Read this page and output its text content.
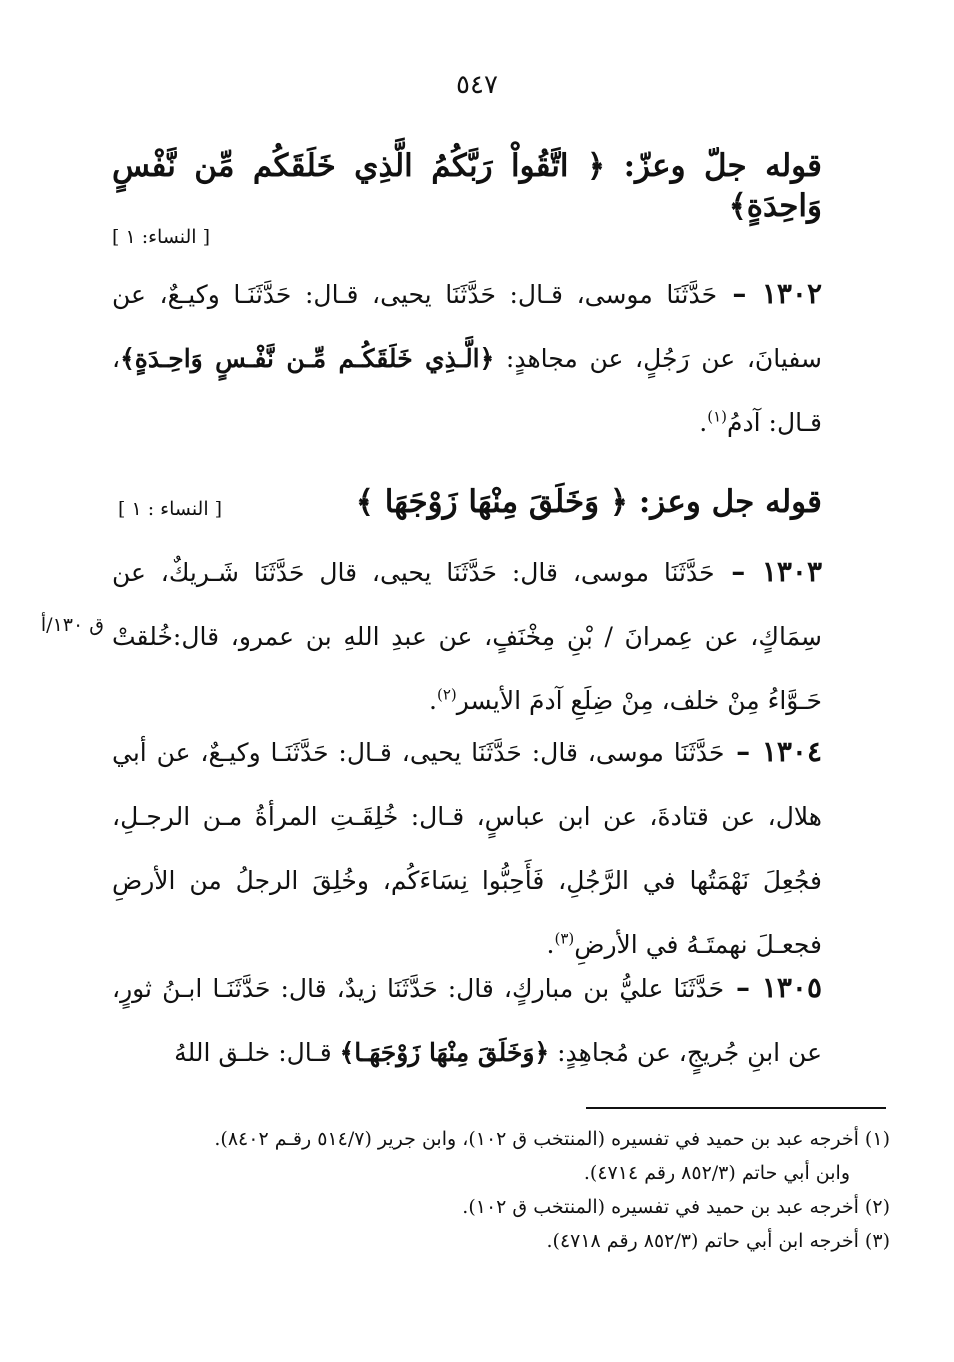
٥٤٧
قوله جلّ وعزّ: ﴿ اتَّقُواْ رَبَّكُمُ الَّذِي خَلَقَكُم مِّن نَّفْسٍ وَاحِدَةٍ﴾
[ النساء: ١ ]
١٣٠٢ – حَدَّثَنَا موسى، قـال: حَدَّثَنَا يحيى، قـال: حَدَّثَنَـا وكيـعٌ، عن سفيانَ، عن رَجُلٍ، عن مجاهدٍ: ﴿الَّـذِي خَلَقَكُـم مِّـن نَّفْـسٍ وَاحِـدَةٍ﴾، قـال: آدمُ$^{(١)}$.
قوله جل وعز: ﴿ وَخَلَقَ مِنْهَا زَوْجَهَا ﴾
[ النساء : ١ ]
١٣٠٣ – حَدَّثَنَا موسى، قال: حَدَّثَنَا يحيى، قال حَدَّثَنَا شَـريكٌ، عن سِمَاكٍ، عن عِمرانَ / بْنِ مِخْنَفٍ، عن عبدِ اللهِ بن عمرو، قال:خُلقتْ حَـوَّاءُ مِنْ خلف، مِنْ ضِلَعِ آدمَ الأيسر$^{(٢)}$.
ق ١٣٠/أ
١٣٠٤ – حَدَّثَنَا موسى، قال: حَدَّثَنَا يحيى، قـال: حَدَّثَنَـا وكيـعٌ، عن أبي هلال، عن قتادةَ، عن ابن عباسٍ، قـال: خُلِقَـتِ المرأةُ مـن الرجـلِ، فجُعِلَ نَهْمَتُها في الرَّجُلِ، فَأَحِبُّوا نِسَاءَكُم، وخُلِقَ الرجلُ من الأرضِ فجعـلَ نهمتَـهُ في الأرضِ$^{(٣)}$.
١٣٠٥ – حَدَّثَنَا عليُّ بن مباركٍ، قال: حَدَّثَنَا زيدٌ، قال: حَدَّثَنَـا ابـنُ ثورٍ، عن ابنِ جُريجٍ، عن مُجاهِدٍ: ﴿وَخَلَقَ مِنْهَا زَوْجَهَـا﴾ قـال: خلـق اللهُ

(١) أخرجه عبد بن حميد في تفسيره (المنتخب ق ١٠٢)، وابن جرير (٥١٤/٧ رقـم ٨٤٠٢).

وابن أبي حاتم (٨٥٢/٣ رقم ٤٧١٤).

(٢) أخرجه عبد بن حميد في تفسيره (المنتخب ق ١٠٢).

(٣) أخرجه ابن أبي حاتم (٨٥٢/٣ رقم ٤٧١٨).
